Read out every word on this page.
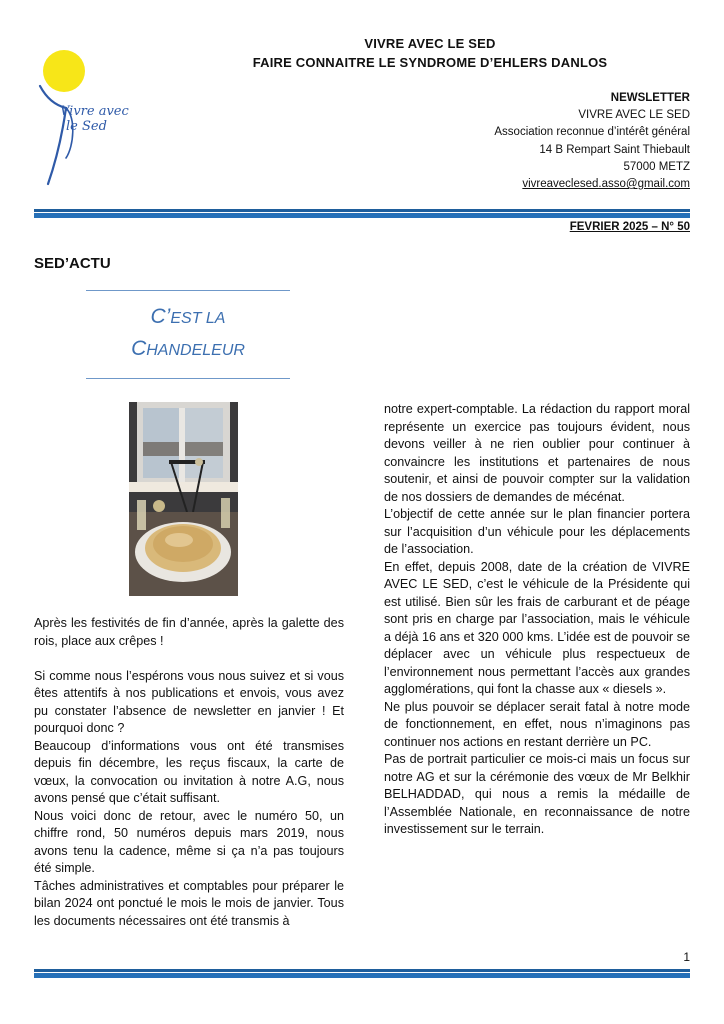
Vivre avec
le Sed
VIVRE AVEC LE SED
FAIRE CONNAITRE LE SYNDROME D’EHLERS DANLOS
NEWSLETTER
VIVRE AVEC LE SED
Association reconnue d’intérêt général
14 B Rempart Saint Thiebault
57000 METZ
vivreaveclesed.asso@gmail.com
FEVRIER 2025 – N° 50
SED’ACTU
C’EST LA
CHANDELEUR

Après les festivités de fin d’année, après la galette des rois, place aux crêpes !

Si comme nous l’espérons vous nous suivez et si vous êtes attentifs à nos publications et envois, vous avez pu constater l’absence de newsletter en janvier ! Et pourquoi donc ?

Beaucoup d’informations vous ont été transmises depuis fin décembre, les reçus fiscaux, la carte de vœux, la convocation ou invitation à notre A.G, nous avons pensé que c’était suffisant.

Nous voici donc de retour, avec le numéro 50, un chiffre rond, 50 numéros depuis mars 2019, nous avons tenu la cadence, même si ça n’a pas toujours été simple.

Tâches administratives et comptables pour préparer le bilan 2024 ont ponctué le mois le mois de janvier. Tous les documents nécessaires ont été transmis à

notre expert-comptable. La rédaction du rapport moral représente un exercice pas toujours évident, nous devons veiller à ne rien oublier pour continuer à convaincre les institutions et partenaires de nous soutenir, et ainsi de pouvoir compter sur la validation de nos dossiers de demandes de mécénat.

L’objectif de cette année sur le plan financier portera sur l’acquisition d’un véhicule pour les déplacements de l’association.

En effet, depuis 2008, date de la création de VIVRE AVEC LE SED, c’est le véhicule de la Présidente qui est utilisé. Bien sûr les frais de carburant et de péage sont pris en charge par l’association, mais le véhicule a déjà 16 ans et 320 000 kms. L’idée est de pouvoir se déplacer avec un véhicule plus respectueux de l’environnement nous permettant l’accès aux grandes agglomérations, qui font la chasse aux « diesels ».

Ne plus pouvoir se déplacer serait fatal à notre mode de fonctionnement, en effet, nous n’imaginons pas continuer nos actions en restant derrière un PC.

Pas de portrait particulier ce mois-ci mais un focus sur notre AG et sur la cérémonie des vœux de Mr Belkhir BELHADDAD, qui nous a remis la médaille de l’Assemblée Nationale, en reconnaissance de notre investissement sur le terrain.

1
